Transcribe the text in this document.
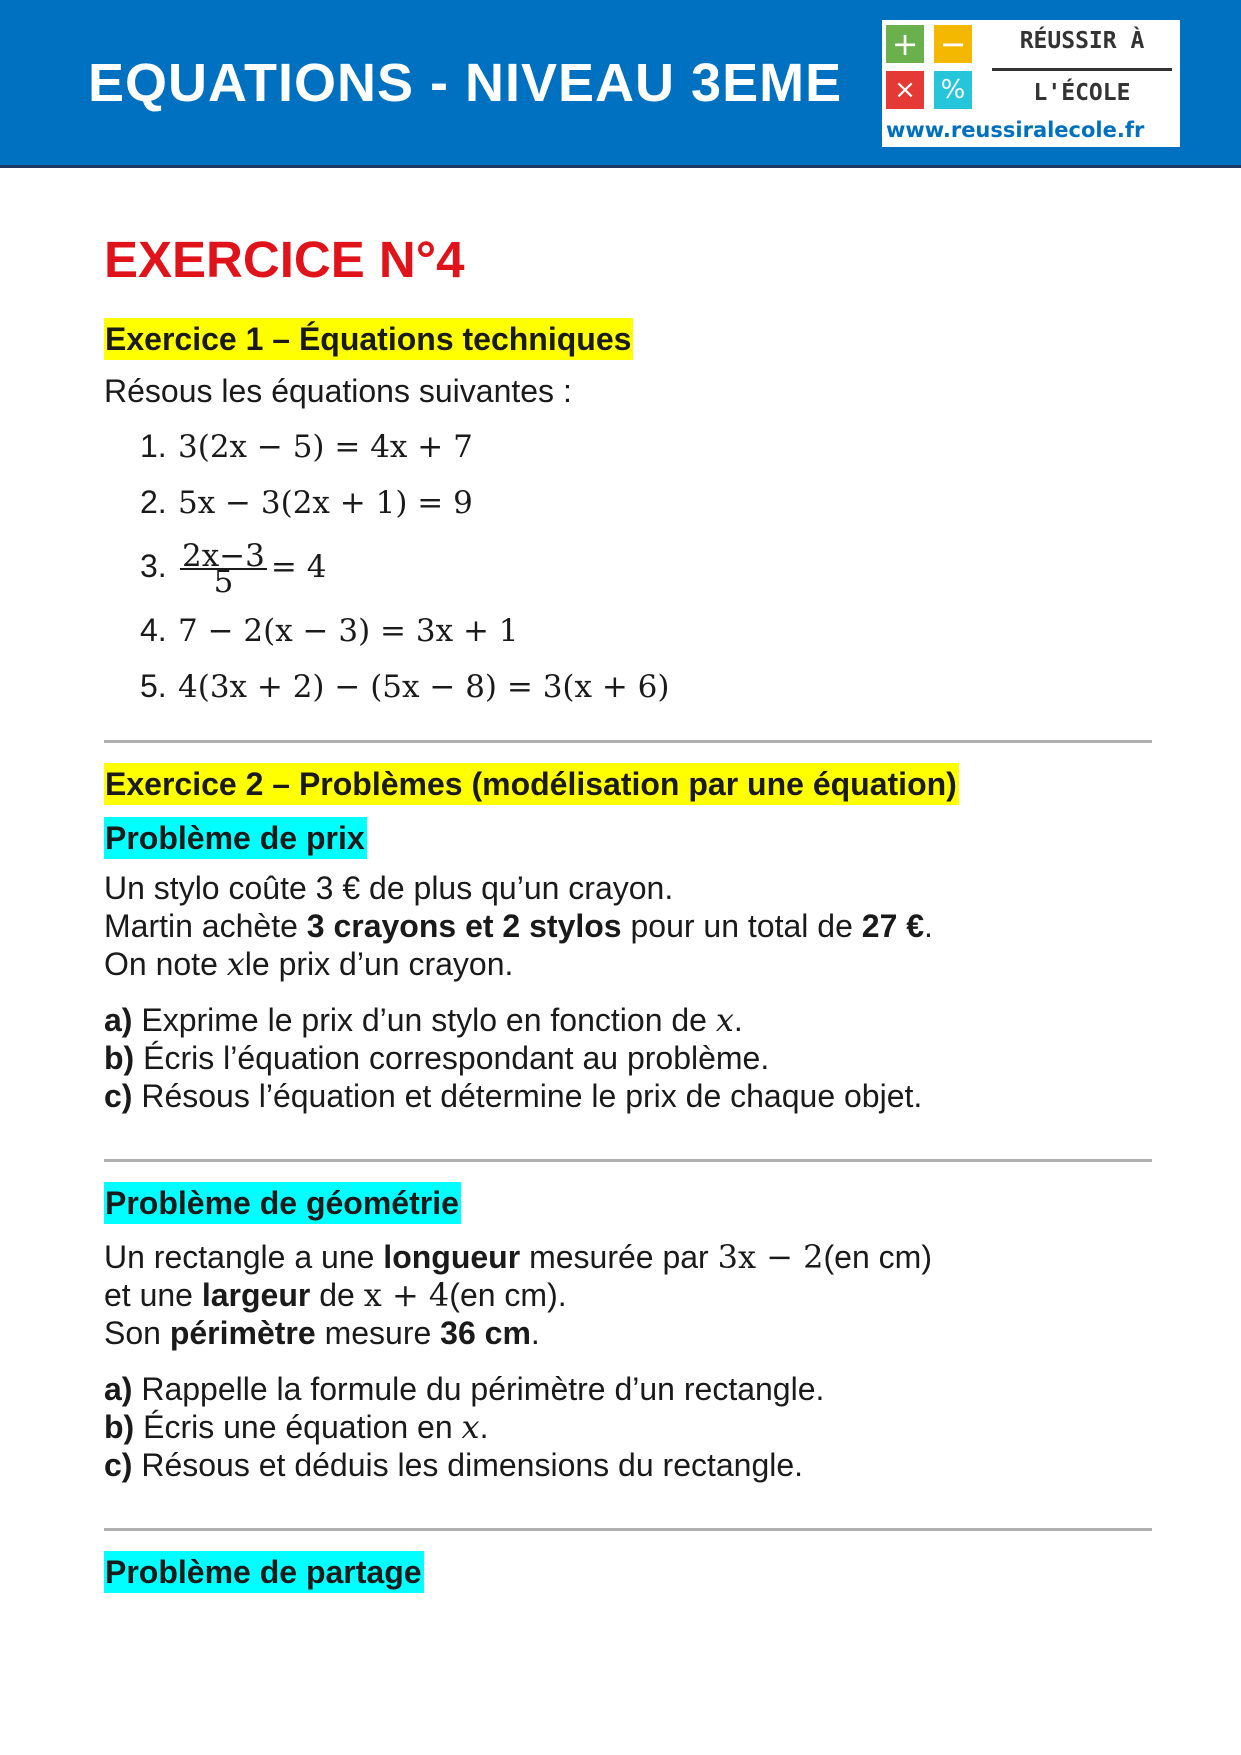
EQUATIONS - NIVEAU 3EME
+ −
× %
RÉUSSIR À
L'ÉCOLE
www.reussiralecole.fr
EXERCICE N°4
Exercice 1 – Équations techniques
Résous les équations suivantes :
1. 3(2x − 5) = 4x + 7
2. 5x − 3(2x + 1) = 9
3. $\frac{2x-3}{5} = 4$
4. 7 − 2(x − 3) = 3x + 1
5. 4(3x + 2) − (5x − 8) = 3(x + 6)
Exercice 2 – Problèmes (modélisation par une équation)
Problème de prix
Un stylo coûte 3 € de plus qu’un crayon.
Martin achète 3 crayons et 2 stylos pour un total de 27 €.
On note xle prix d’un crayon.
a) Exprime le prix d’un stylo en fonction de x.
b) Écris l’équation correspondant au problème.
c) Résous l’équation et détermine le prix de chaque objet.
Problème de géométrie
Un rectangle a une longueur mesurée par 3x − 2(en cm)
et une largeur de x + 4(en cm).
Son périmètre mesure 36 cm.
a) Rappelle la formule du périmètre d’un rectangle.
b) Écris une équation en x.
c) Résous et déduis les dimensions du rectangle.
Problème de partage
